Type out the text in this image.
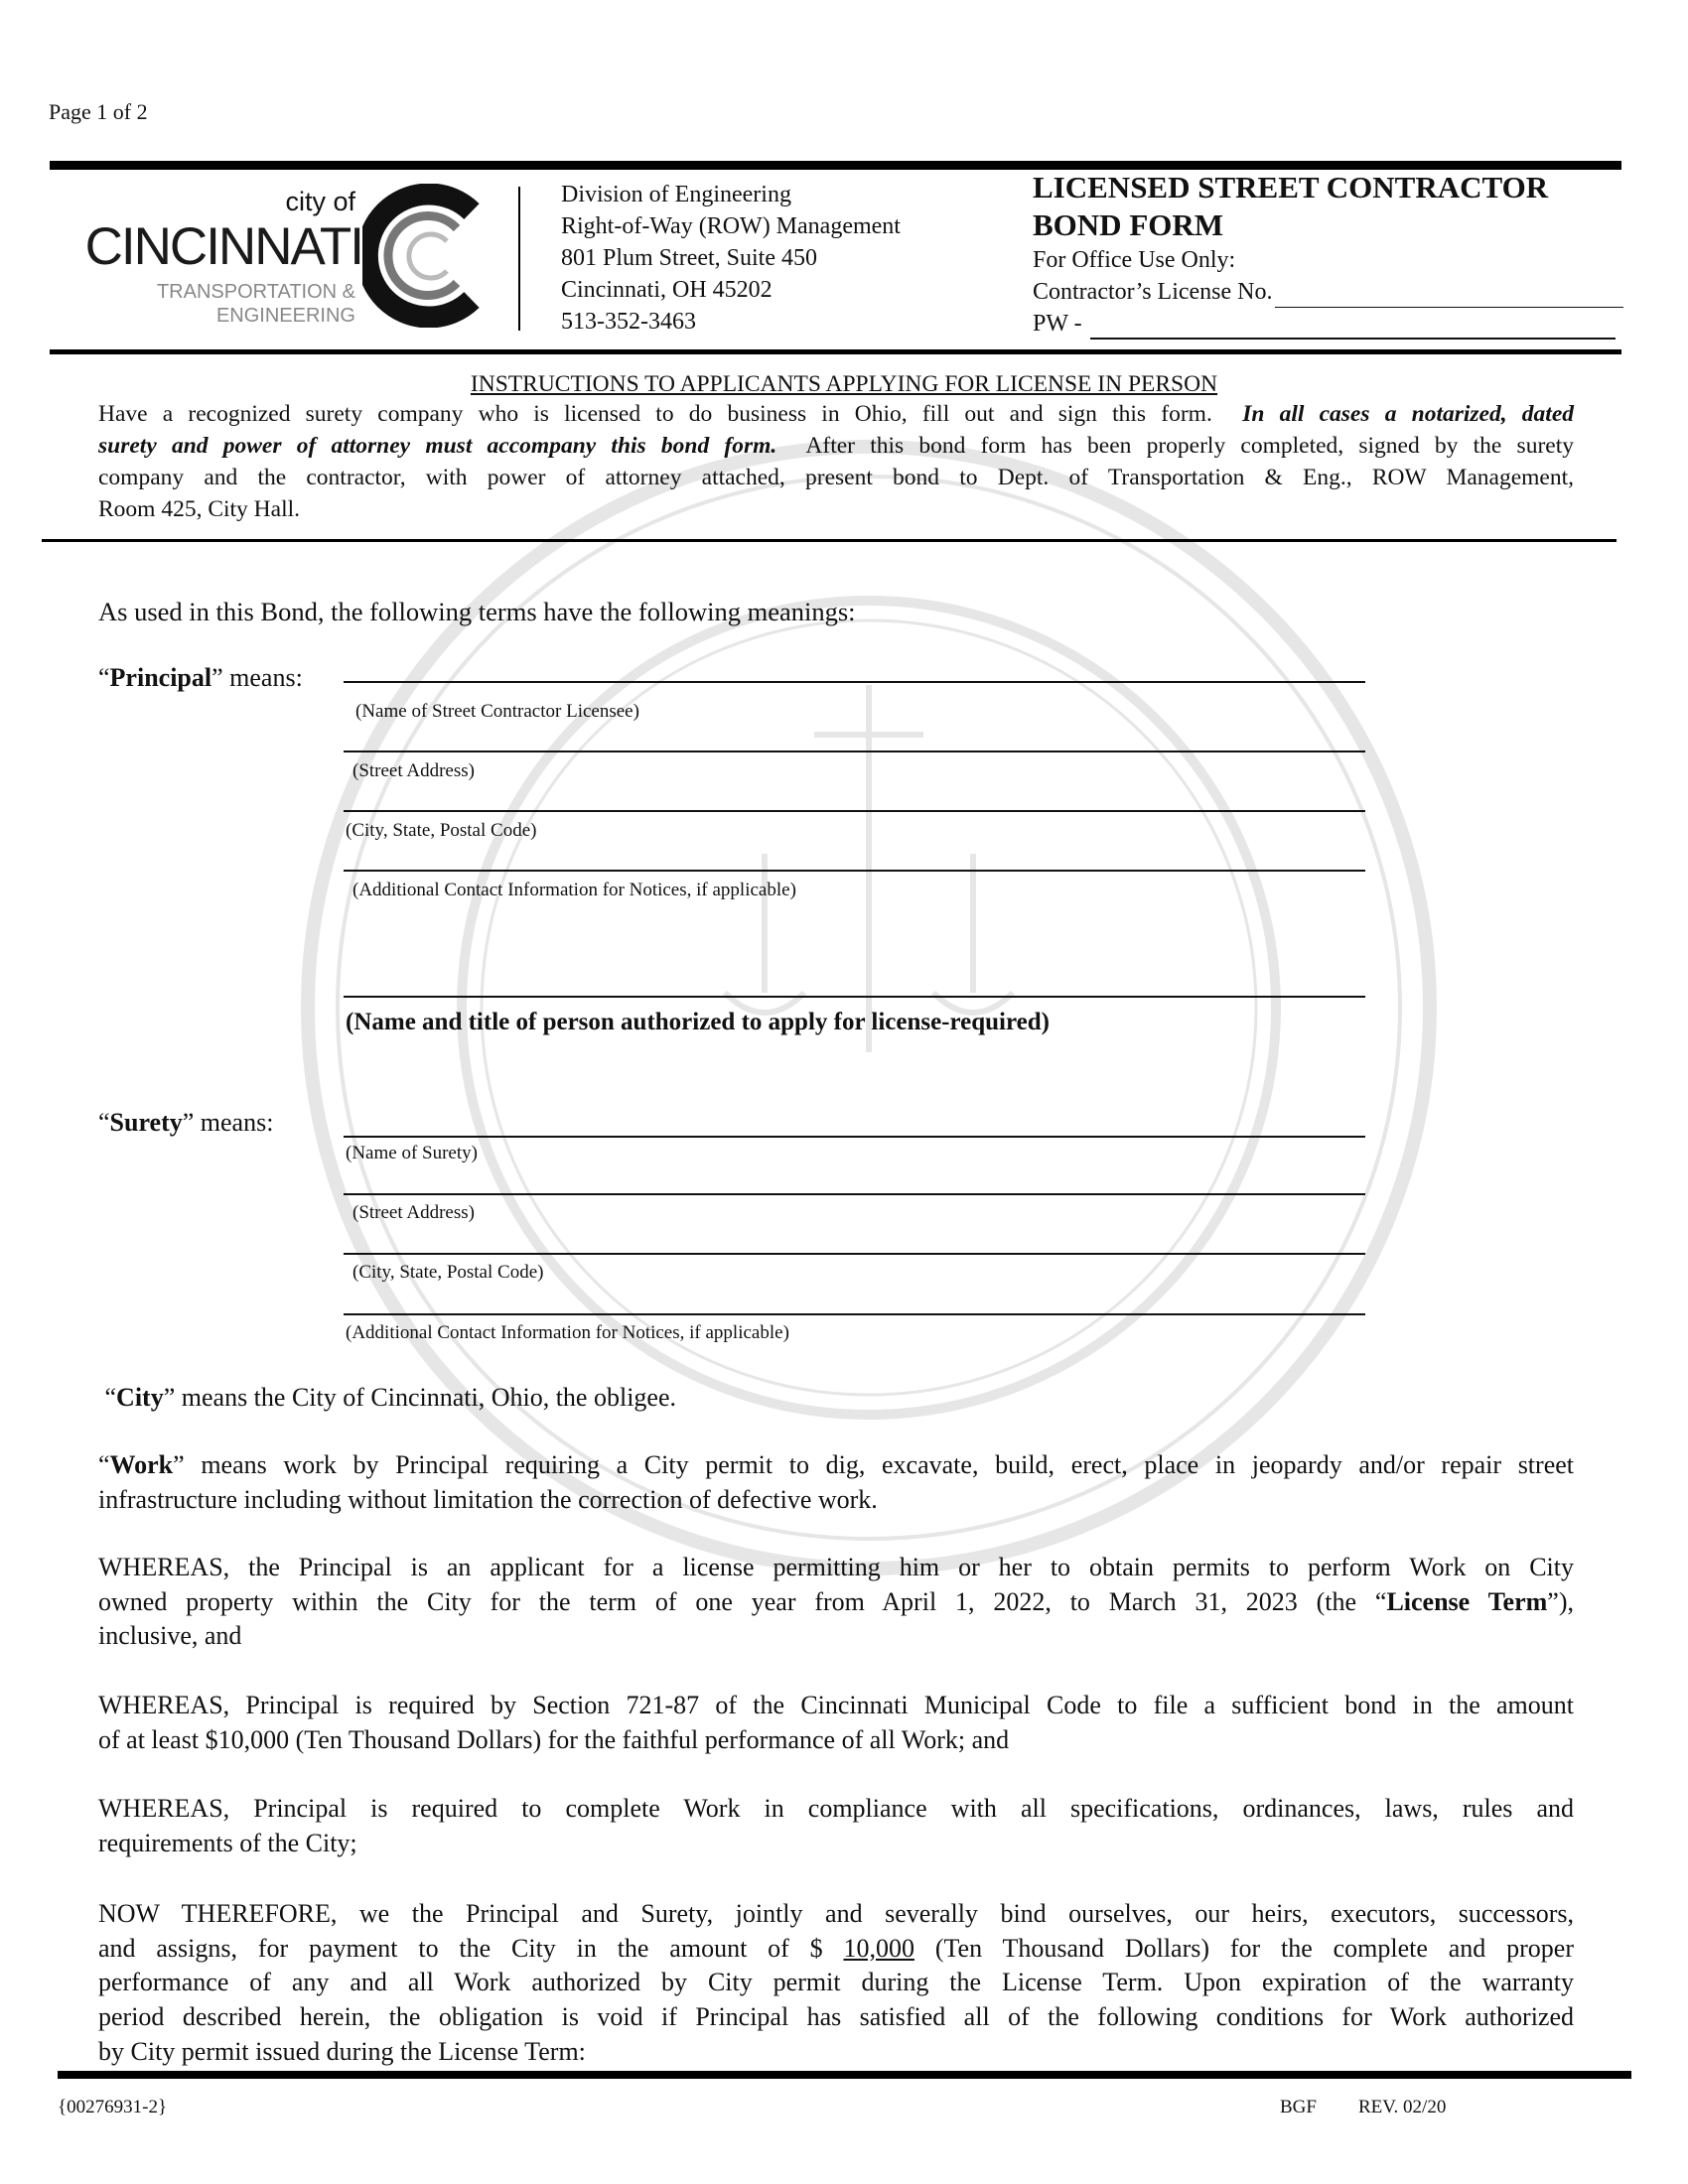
Page 1 of 2
city of
CINCINNATI
TRANSPORTATION &
ENGINEERING
Division of Engineering
Right-of-Way (ROW) Management
801 Plum Street, Suite 450
Cincinnati, OH 45202
513-352-3463
LICENSED STREET CONTRACTOR
BOND FORM
For Office Use Only:
Contractor’s License No.
PW -
INSTRUCTIONS TO APPLICANTS APPLYING FOR LICENSE IN PERSON
Have a recognized surety company who is licensed to do business in Ohio, fill out and sign this form.  In all cases a notarized, dated
surety and power of attorney must accompany this bond form.  After this bond form has been properly completed, signed by the surety
company and the contractor, with power of attorney attached, present bond to Dept. of Transportation & Eng., ROW Management,
Room 425, City Hall.
As used in this Bond, the following terms have the following meanings:
“Principal” means:
(Name of Street Contractor Licensee)
(Street Address)
(City, State, Postal Code)
(Additional Contact Information for Notices, if applicable)
(Name and title of person authorized to apply for license-required)
“Surety” means:
(Name of Surety)
(Street Address)
(City, State, Postal Code)
(Additional Contact Information for Notices, if applicable)
“City” means the City of Cincinnati, Ohio, the obligee.
“Work” means work by Principal requiring a City permit to dig, excavate, build, erect, place in jeopardy and/or repair street
infrastructure including without limitation the correction of defective work.
WHEREAS, the Principal is an applicant for a license permitting him or her to obtain permits to perform Work on City
owned property within the City for the term of one year from April 1, 2022, to March 31, 2023 (the “License Term”),
inclusive, and
WHEREAS, Principal is required by Section 721-87 of the Cincinnati Municipal Code to file a sufficient bond in the amount
of at least $10,000 (Ten Thousand Dollars) for the faithful performance of all Work; and
WHEREAS, Principal is required to complete Work in compliance with all specifications, ordinances, laws, rules and
requirements of the City;
NOW THEREFORE, we the Principal and Surety, jointly and severally bind ourselves, our heirs, executors, successors,
and assigns, for payment to the City in the amount of $ 10,000 (Ten Thousand Dollars) for the complete and proper
performance of any and all Work authorized by City permit during the License Term. Upon expiration of the warranty
period described herein, the obligation is void if Principal has satisfied all of the following conditions for Work authorized
by City permit issued during the License Term:
{00276931-2}	BGF REV. 02/20
